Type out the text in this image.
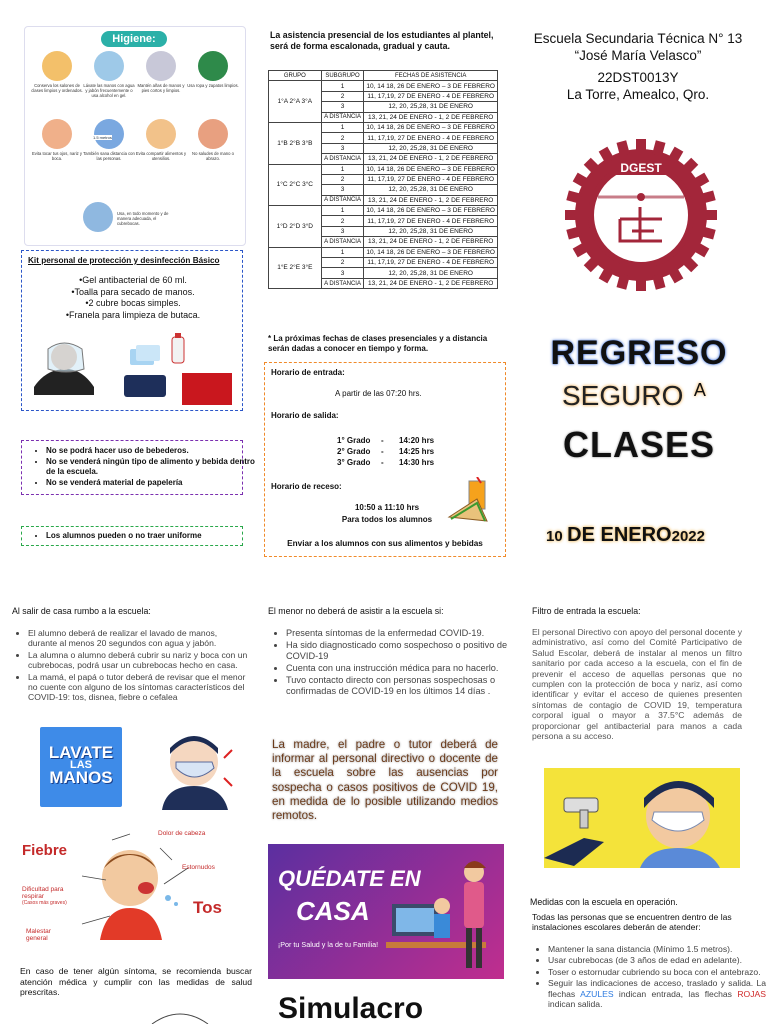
Higiene:
Conserva los salones de clases limpios y ordenados.
Lávate las manos con agua y jabón frecuentemente o usa alcohol en gel.
Mantén añas de manos y pies cortos y limpios.
Usa ropa y zapatos limpios.
Evita tocar tus ojos, nariz y boca.
También sana distancia con las personas.
Evita compartir alimentos y utensilios.
No saludes de mano o abrazo.
Usa, en todo momento y de manera adecuada, el cubrebocas.
1.5 metros
Kit personal de protección y desinfección Básico
•Gel antibacterial de 60 ml.
•Toalla para secado de manos.
•2 cubre bocas simples.
•Franela para limpieza de butaca.
• No se podrá hacer uso de bebederos.
• No se venderá ningún tipo de alimento y bebida dentro de la escuela.
• No se venderá material de papelería
• Los alumnos pueden o no traer uniforme
La asistencia presencial de los estudiantes al plantel, será de forma escalonada, gradual y cauta.
GRUPO	SUBGRUPO	FECHAS DE ASISTENCIA
1°A 2°A 3°A	1	10, 14 18, 26 DE ENERO – 3 DE FEBRERO
	2	11, 17,19, 27 DE ENERO - 4 DE FEBRERO
	3	12, 20, 25,28, 31 DE ENERO
	A DISTANCIA	13, 21, 24 DE ENERO - 1, 2 DE FEBRERO
1°B 2°B 3°B	1	10, 14 18, 26 DE ENERO – 3 DE FEBRERO
	2	11, 17,19, 27 DE ENERO - 4 DE FEBRERO
	3	12, 20, 25,28, 31 DE ENERO
	A DISTANCIA	13, 21, 24 DE ENERO - 1, 2 DE FEBRERO
1°C 2°C 3°C	1	10, 14 18, 26 DE ENERO – 3 DE FEBRERO
	2	11, 17,19, 27 DE ENERO - 4 DE FEBRERO
	3	12, 20, 25,28, 31 DE ENERO
	A DISTANCIA	13, 21, 24 DE ENERO - 1, 2 DE FEBRERO
1°D 2°D 3°D	1	10, 14 18, 26 DE ENERO – 3 DE FEBRERO
	2	11, 17,19, 27 DE ENERO - 4 DE FEBRERO
	3	12, 20, 25,28, 31 DE ENERO
	A DISTANCIA	13, 21, 24 DE ENERO - 1, 2 DE FEBRERO
1°E 2°E 3°E	1	10, 14 18, 26 DE ENERO – 3 DE FEBRERO
	2	11, 17,19, 27 DE ENERO - 4 DE FEBRERO
	3	12, 20, 25,28, 31 DE ENERO
	A DISTANCIA	13, 21, 24 DE ENERO - 1, 2 DE FEBRERO
* La próximas fechas de clases presenciales y a distancia serán dadas a conocer en tiempo y forma.
Horario de entrada:
A partir de las 07:20 hrs.
Horario de salida:
1° Grado - 14:20 hrs
2° Grado - 14:25 hrs
3° Grado - 14:30 hrs
Horario de receso:
10:50 a 11:10 hrs
Para todos los alumnos
Enviar a los alumnos con sus alimentos y bebidas
Escuela Secundaria Técnica N° 13
“José María Velasco”
22DST0013Y
La Torre, Amealco, Qro.
DGEST
REGRESO
SEGURO A
CLASES
10 DE ENERO2022
Al salir de casa rumbo a la escuela:
• El alumno deberá de realizar el lavado de manos, durante al menos 20 segundos con agua y jabón.
• La alumna o alumno deberá cubrir su nariz y boca con un cubrebocas, podrá usar un cubrebocas hecho en casa.
• La mamá, el papá o tutor deberá de revisar que el menor no cuente con alguno de los síntomas característicos del COVID-19: tos, disnea, fiebre o cefalea
LAVATE
LAS
MANOS
Fiebre
Tos
Dolor de cabeza
Estornudos
Dificultad para respirar
(Casos más graves)
Malestar general
En caso de tener algún síntoma, se recomienda buscar atención médica y cumplir con las medidas de salud prescritas.
El menor no deberá de asistir a la escuela si:
• Presenta síntomas de la enfermedad COVID-19.
• Ha sido diagnosticado como sospechoso o positivo de COVID-19
• Cuenta con una instrucción médica para no hacerlo.
• Tuvo contacto directo con personas sospechosas o confirmadas de COVID-19 en los últimos 14 días .
La madre, el padre o tutor deberá de informar al personal directivo o docente de la escuela sobre las ausencias por sospecha o casos positivos de COVID 19, en medida de lo posible utilizando medios remotos.
QUÉDATE EN
CASA
¡Por tu Salud y la de tu Familia!
Simulacro
Filtro de entrada la escuela:
El personal Directivo con apoyo del personal docente y administrativo, así como del Comité Participativo de Salud Escolar, deberá de instalar al menos un filtro sanitario por cada acceso a la escuela, con el fin de prevenir el acceso de aquellas personas que no cumplen con la protección de boca y nariz, así como identificar y evitar el acceso de quienes presenten síntomas de contagio de COVID 19, temperatura corporal igual o mayor a 37.5°C además de proporcionar gel antibacterial para manos a cada persona a su acceso.
Medidas con la escuela en operación.
Todas las personas que se encuentren dentro de las instalaciones escolares deberán de atender:
• Mantener la sana distancia (Mínimo 1.5 metros).
• Usar cubrebocas (de 3 años de edad en adelante).
• Toser o estornudar cubriendo su boca con el antebrazo.
• Seguir las indicaciones de acceso, traslado y salida. La flechas AZULES indican entrada, las flechas ROJAS indican salida.
